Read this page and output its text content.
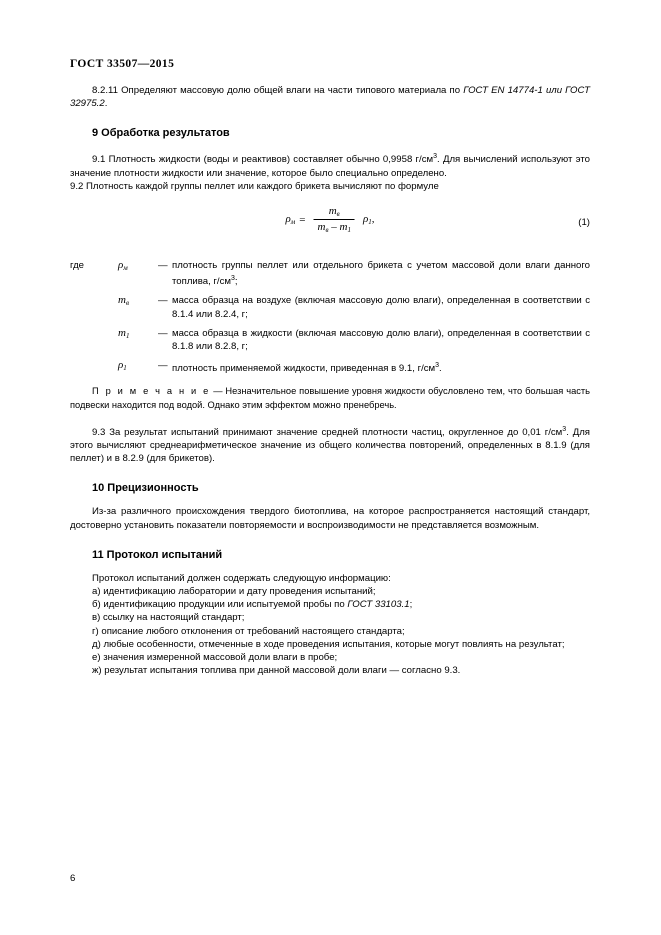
ГОСТ 33507—2015

8.2.11 Определяют массовую долю общей влаги на части типового материала по ГОСТ EN 14774-1 или ГОСТ 32975.2.

9 Обработка результатов

9.1 Плотность жидкости (воды и реактивов) составляет обычно 0,9958 $г/см^3$. Для вычислений используют это значение плотности жидкости или значение, которое было специально определено.

9.2 Плотность каждой группы пеллет или каждого брикета вычисляют по формуле

$\rho_м = \frac{m_в}{m_в - m_1} \rho_1$,	(1)
где	$\rho_м$	— плотность группы пеллет или отдельного брикета с учетом массовой доли влаги данного топлива, $г/см^3$;
$m_в$	— масса образца на воздухе (включая массовую долю влаги), определенная в соответствии с 8.1.4 или 8.2.4, г;
$m_1$	— масса образца в жидкости (включая массовую долю влаги), определенная в соответствии с 8.1.8 или 8.2.8, г;
$\rho_1$	— плотность применяемой жидкости, приведенная в 9.1, $г/см^3$.

П р и м е ч а н и е — Незначительное повышение уровня жидкости обусловлено тем, что большая часть подвески находится под водой. Однако этим эффектом можно пренебречь.

9.3 За результат испытаний принимают значение средней плотности частиц, округленное до 0,01 $г/см^3$. Для этого вычисляют среднеарифметическое значение из общего количества повторений, определенных в 8.1.9 (для пеллет) и в 8.2.9 (для брикетов).

10 Прецизионность

Из-за различного происхождения твердого биотоплива, на которое распространяется настоящий стандарт, достоверно установить показатели повторяемости и воспроизводимости не представляется возможным.

11 Протокол испытаний

Протокол испытаний должен содержать следующую информацию:

а) идентификацию лаборатории и дату проведения испытаний;

б) идентификацию продукции или испытуемой пробы по ГОСТ 33103.1;

в) ссылку на настоящий стандарт;

г) описание любого отклонения от требований настоящего стандарта;

д) любые особенности, отмеченные в ходе проведения испытания, которые могут повлиять на результат;

е) значения измеренной массовой доли влаги в пробе;

ж) результат испытания топлива при данной массовой доли влаги — согласно 9.3.

6
